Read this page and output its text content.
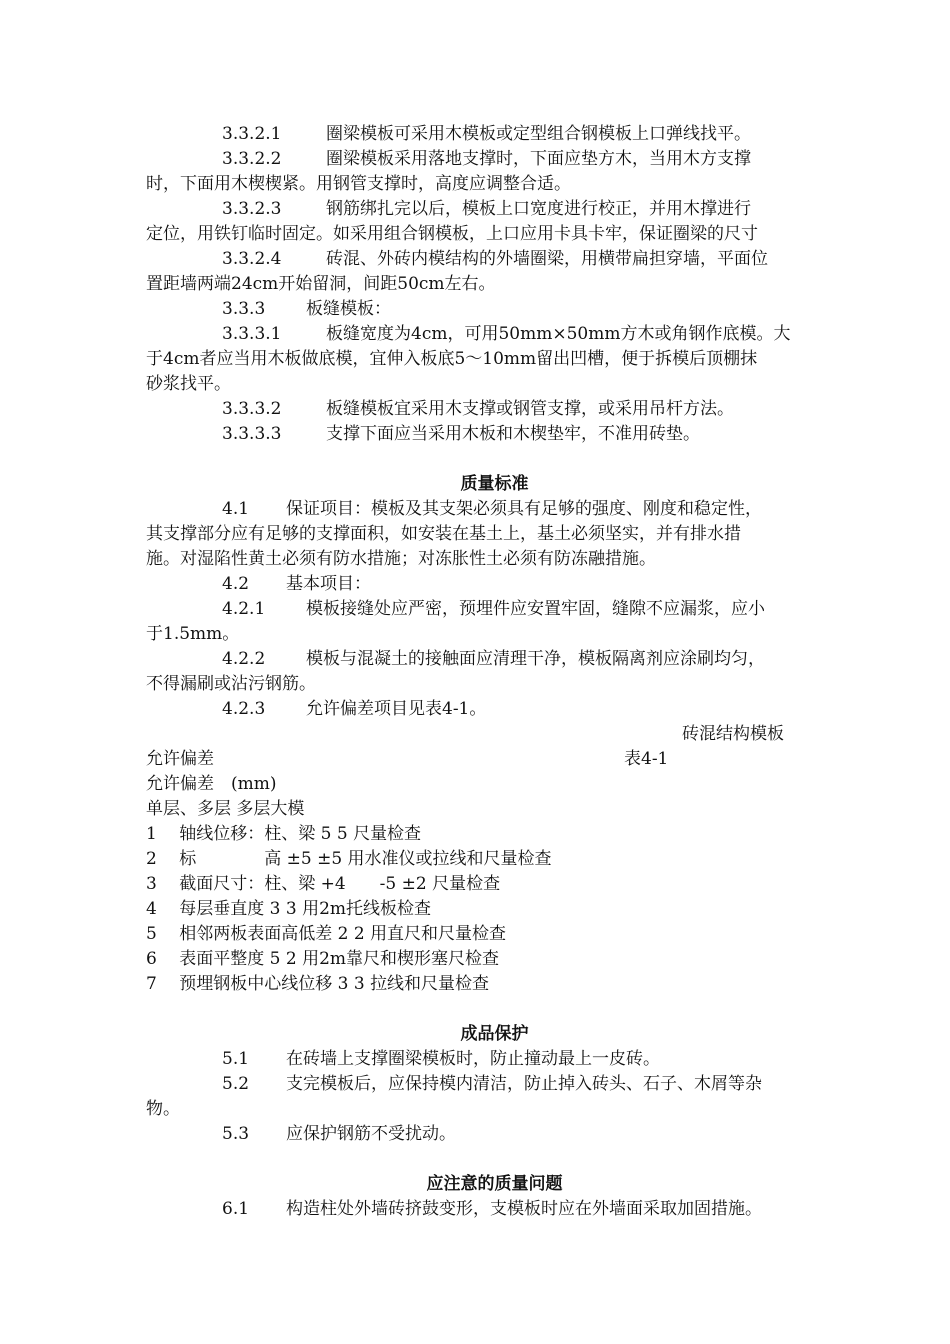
3.3.2.1	圈梁模板可采用木模板或定型组合钢模板上口弹线找平。
3.3.2.2	圈梁模板采用落地支撑时，下面应垫方木，当用木方支撑
时，下面用木楔楔紧。用钢管支撑时，高度应调整合适。
3.3.2.3	钢筋绑扎完以后，模板上口宽度进行校正，并用木撑进行
定位，用铁钉临时固定。如采用组合钢模板，上口应用卡具卡牢，保证圈梁的尺寸
3.3.2.4	砖混、外砖内模结构的外墙圈梁，用横带扁担穿墙，平面位
置距墙两端24cm开始留洞，间距50cm左右。
3.3.3 板缝模板：
3.3.3.1	板缝宽度为4cm，可用50mm×50mm方木或角钢作底模。大
于4cm者应当用木板做底模，宜伸入板底5～10mm留出凹槽，便于拆模后顶棚抹
砂浆找平。
3.3.3.2	板缝模板宜采用木支撑或钢管支撑，或采用吊杆方法。
3.3.3.3	支撑下面应当采用木板和木楔垫牢，不准用砖垫。
质量标准
4.1 保证项目：模板及其支架必须具有足够的强度、刚度和稳定性，
其支撑部分应有足够的支撑面积，如安装在基土上，基土必须坚实，并有排水措
施。对湿陷性黄土必须有防水措施；对冻胀性土必须有防冻融措施。
4.2 基本项目：
4.2.1 模板接缝处应严密，预埋件应安置牢固，缝隙不应漏浆，应小
于1.5mm。
4.2.2 模板与混凝土的接触面应清理干净，模板隔离剂应涂刷均匀，
不得漏刷或沾污钢筋。
4.2.3 允许偏差项目见表4-1。
砖混结构模板
允许偏差	表4-1
允许偏差　(mm)
单层、多层 多层大模
1　 轴线位移：柱、梁 5 5 尺量检查
2　 标　　　　高 ±5 ±5 用水准仪或拉线和尺量检查
3　 截面尺寸：柱、梁 +4　　-5 ±2 尺量检查
4　 每层垂直度 3 3 用2m托线板检查
5　 相邻两板表面高低差 2 2 用直尺和尺量检查
6　 表面平整度 5 2 用2m靠尺和楔形塞尺检查
7　 预埋钢板中心线位移 3 3 拉线和尺量检查
成品保护
5.1 在砖墙上支撑圈梁模板时，防止撞动最上一皮砖。
5.2 支完模板后，应保持模内清洁，防止掉入砖头、石子、木屑等杂
物。
5.3 应保护钢筋不受扰动。
应注意的质量问题
6.1 构造柱处外墙砖挤鼓变形，支模板时应在外墙面采取加固措施。
